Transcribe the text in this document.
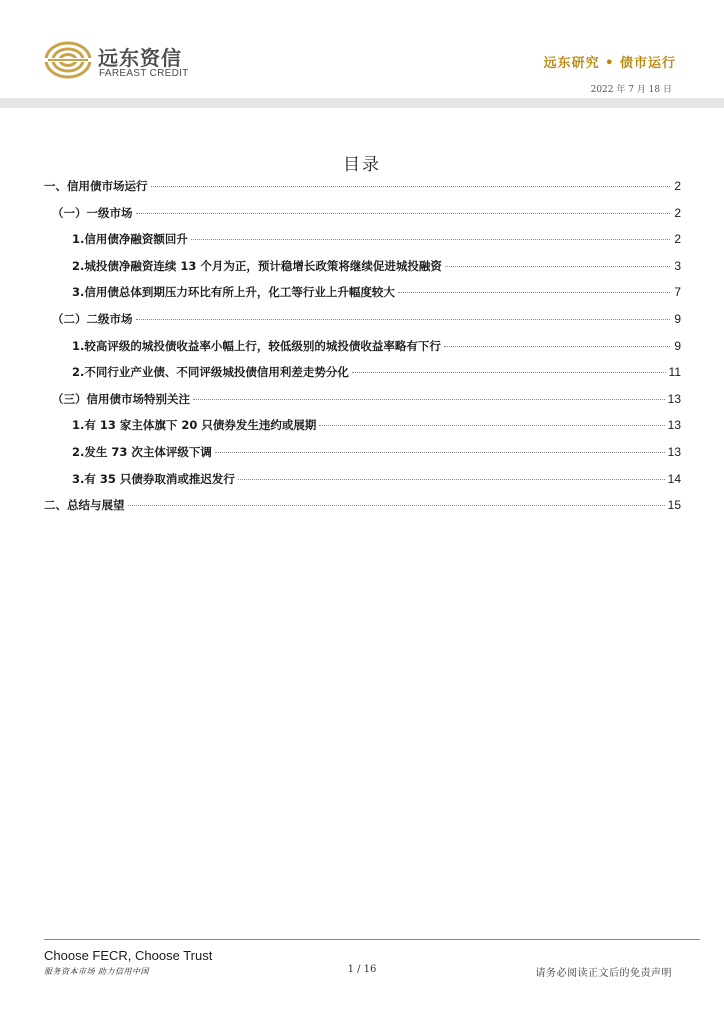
远东资信
FAREAST CREDIT
远东研究 • 债市运行
2022 年 7 月 18 日
目录
一、信用债市场运行	2
（一）一级市场	2
1.信用债净融资额回升	2
2.城投债净融资连续 13 个月为正，预计稳增长政策将继续促进城投融资	3
3.信用债总体到期压力环比有所上升，化工等行业上升幅度较大	7
（二）二级市场	9
1.较高评级的城投债收益率小幅上行，较低级别的城投债收益率略有下行	9
2.不同行业产业债、不同评级城投债信用利差走势分化	11
（三）信用债市场特别关注	13
1.有 13 家主体旗下 20 只债券发生违约或展期	13
2.发生 73 次主体评级下调	13
3.有 35 只债券取消或推迟发行	14
二、总结与展望	15
Choose FECR, Choose Trust
服务资本市场 助力信用中国	1 / 16	请务必阅读正文后的免责声明
